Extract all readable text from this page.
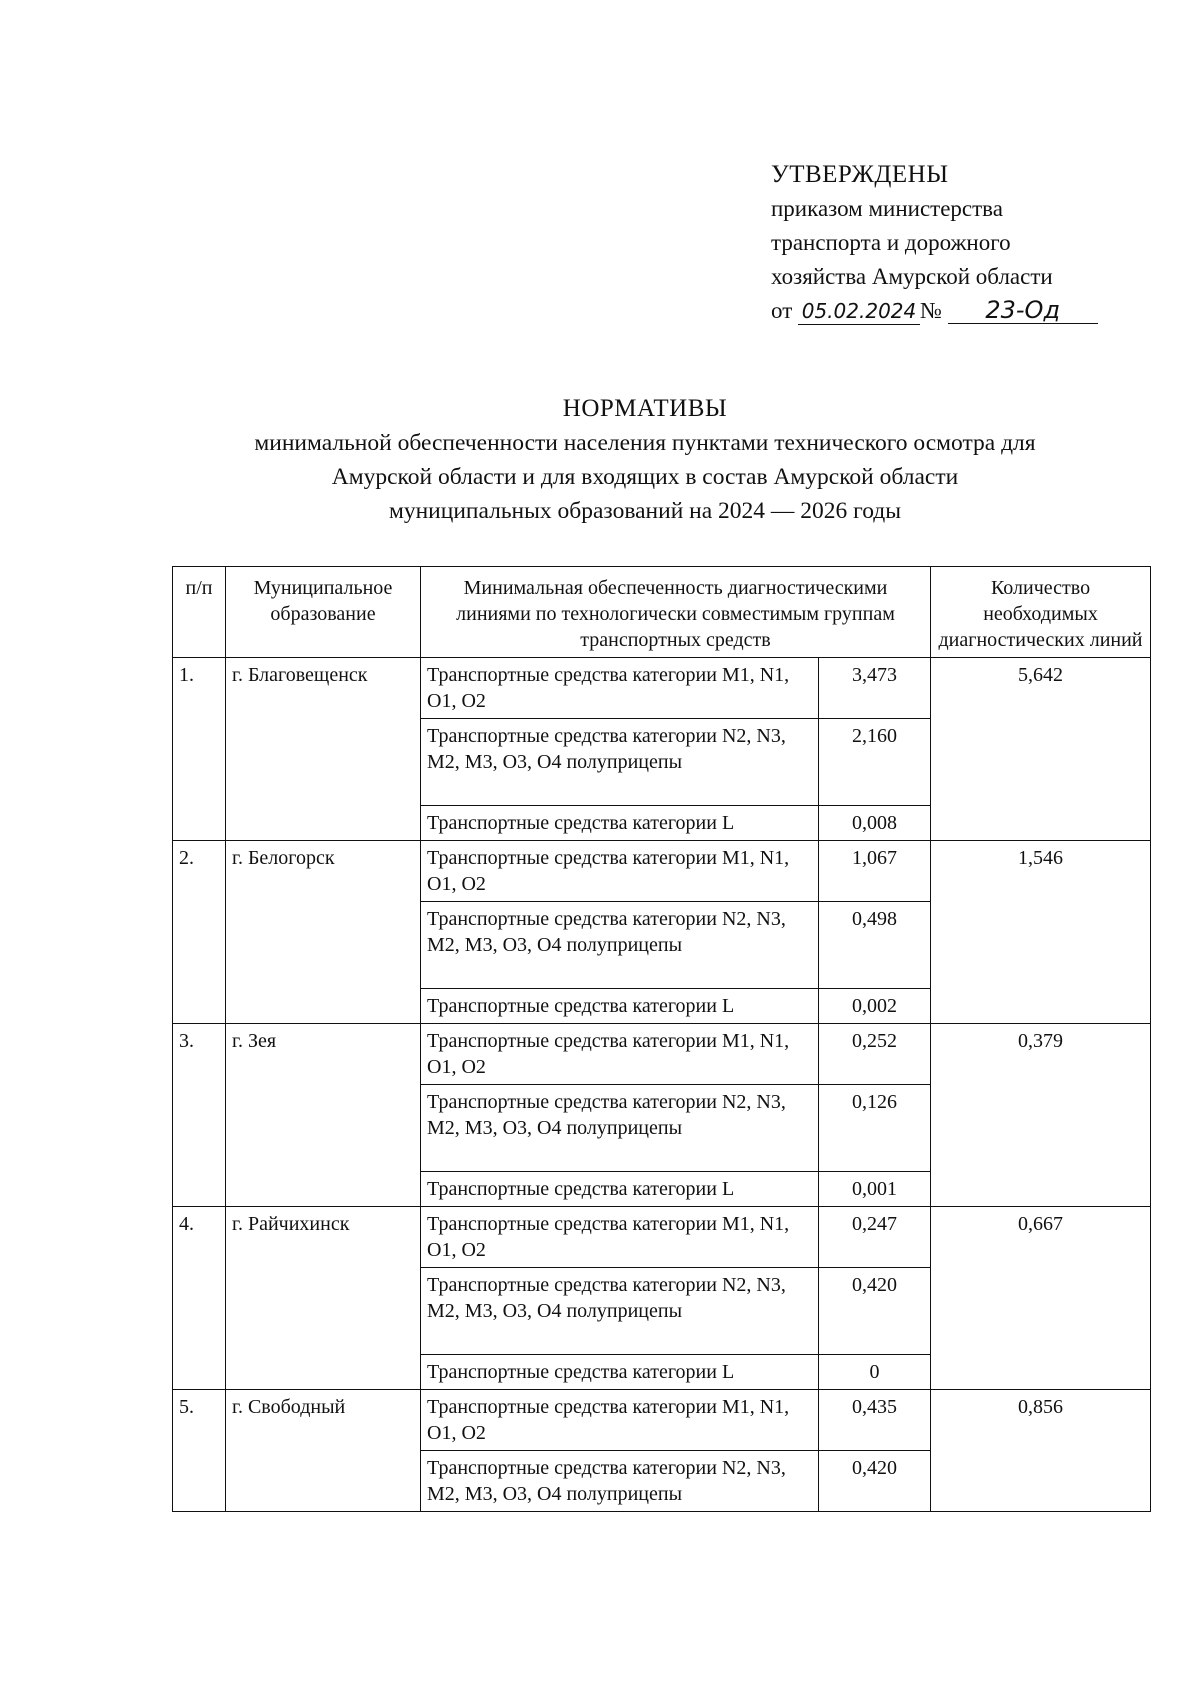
УТВЕРЖДЕНЫ
приказом министерства
транспорта и дорожного
хозяйства Амурской области
от 05.02.2024 № 23-Од
НОРМАТИВЫ
минимальной обеспеченности населения пунктами технического осмотра для
Амурской области и для входящих в состав Амурской области
муниципальных образований на 2024 — 2026 годы
п/п	Муниципальное образование	Минимальная обеспеченность диагностическими линиями по технологически совместимым группам транспортных средств		Количество необходимых диагностических линий
1.	г. Благовещенск	Транспортные средства категории M1, N1, O1, O2	3,473	5,642
		Транспортные средства категории N2, N3, M2, M3, O3, O4 полуприцепы	2,160	
		Транспортные средства категории L	0,008	
2.	г. Белогорск	Транспортные средства категории M1, N1, O1, O2	1,067	1,546
		Транспортные средства категории N2, N3, M2, M3, O3, O4 полуприцепы	0,498	
		Транспортные средства категории L	0,002	
3.	г. Зея	Транспортные средства категории M1, N1, O1, O2	0,252	0,379
		Транспортные средства категории N2, N3, M2, M3, O3, O4 полуприцепы	0,126	
		Транспортные средства категории L	0,001	
4.	г. Райчихинск	Транспортные средства категории M1, N1, O1, O2	0,247	0,667
		Транспортные средства категории N2, N3, M2, M3, O3, O4 полуприцепы	0,420	
		Транспортные средства категории L	0	
5.	г. Свободный	Транспортные средства категории M1, N1, O1, O2	0,435	0,856
		Транспортные средства категории N2, N3, M2, M3, O3, O4 полуприцепы	0,420	
